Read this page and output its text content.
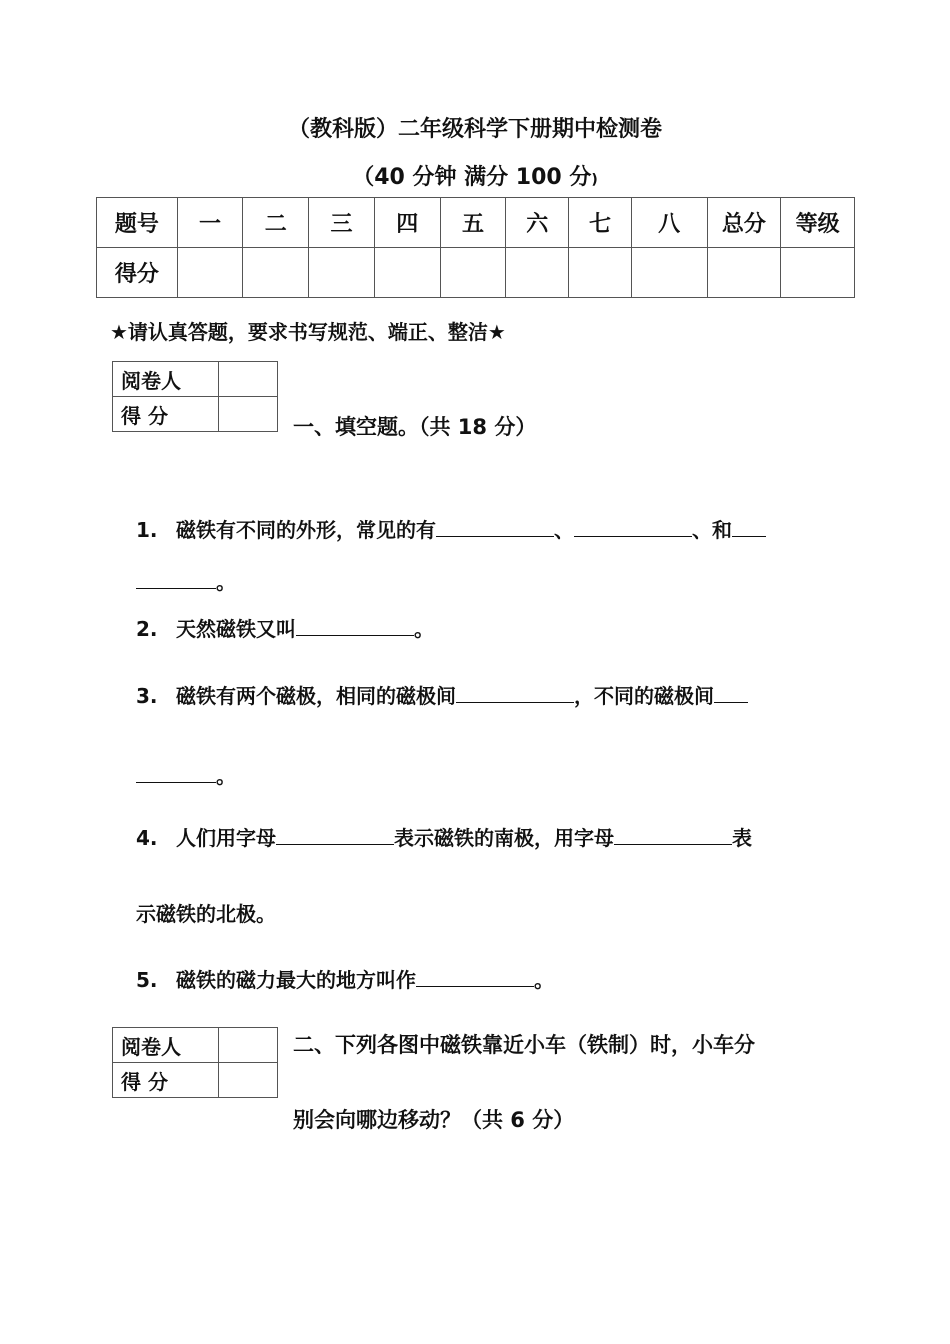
（教科版）二年级科学下册期中检测卷
（40 分钟 满分 100 分)
题号	一	二	三	四	五	六	七	八	总分	等级
得分										
★请认真答题，要求书写规范、端正、整洁★
阅卷人	
得 分		一、填空题。（共 18 分）
1. 磁铁有不同的外形，常见的有	、	、和
。
2. 天然磁铁又叫	。
3. 磁铁有两个磁极，相同的磁极间	，不同的磁极间
。
4. 人们用字母	表示磁铁的南极，用字母	表
示磁铁的北极。
5. 磁铁的磁力最大的地方叫作	。
阅卷人	
得 分	
二、下列各图中磁铁靠近小车（铁制）时，小车分
别会向哪边移动？（共 6 分）
